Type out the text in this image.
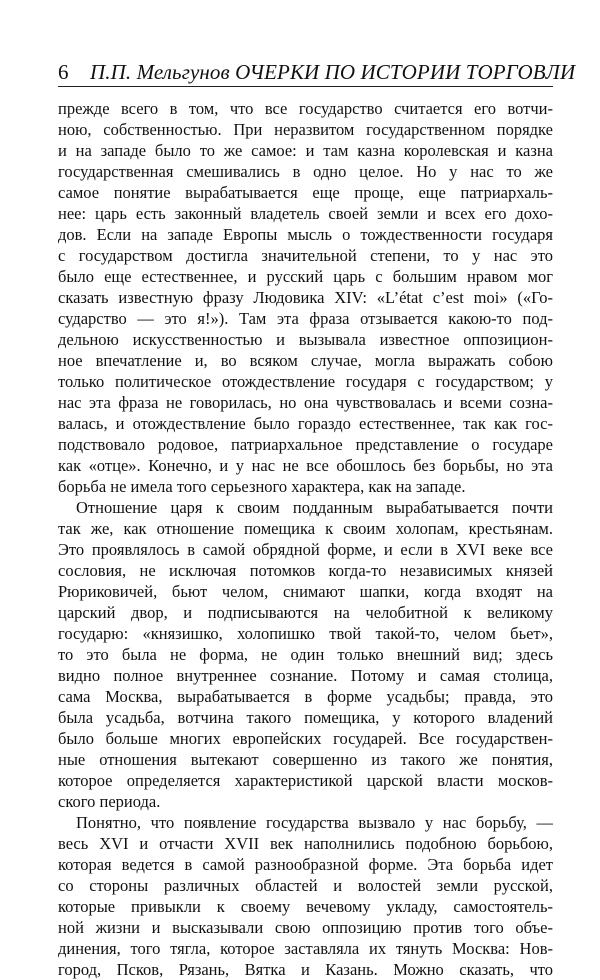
6 П.П. Мельгунов ОЧЕРКИ ПО ИСТОРИИ ТОРГОВЛИ
прежде всего в том, что все государство считается его вотчи-
ною, собственностью. При неразвитом государственном порядке
и на западе было то же самое: и там казна королевская и казна
государственная смешивались в одно целое. Но у нас то же
самое понятие вырабатывается еще проще, еще патриархаль-
нее: царь есть законный владетель своей земли и всех его дохо-
дов. Если на западе Европы мысль о тождественности государя
с государством достигла значительной степени, то у нас это
было еще естественнее, и русский царь с большим нравом мог
сказать известную фразу Людовика XIV: «L’état c’est moi» («Го-
сударство — это я!»). Там эта фраза отзывается какою-то под-
дельною искусственностью и вызывала известное оппозицион-
ное впечатление и, во всяком случае, могла выражать собою
только политическое отождествление государя с государством; у
нас эта фраза не говорилась, но она чувствовалась и всеми созна-
валась, и отождествление было гораздо естественнее, так как гос-
подствовало родовое, патриархальное представление о государе
как «отце». Конечно, и у нас не все обошлось без борьбы, но эта
борьба не имела того серьезного характера, как на западе.
Отношение царя к своим подданным вырабатывается почти
так же, как отношение помещика к своим холопам, крестьянам.
Это проявлялось в самой обрядной форме, и если в XVI веке все
сословия, не исключая потомков когда-то независимых князей
Рюриковичей, бьют челом, снимают шапки, когда входят на
царский двор, и подписываются на челобитной к великому
государю: «князишко, холопишко твой такой-то, челом бьет»,
то это была не форма, не один только внешний вид; здесь
видно полное внутреннее сознание. Потому и самая столица,
сама Москва, вырабатывается в форме усадьбы; правда, это
была усадьба, вотчина такого помещика, у которого владений
было больше многих европейских государей. Все государствен-
ные отношения вытекают совершенно из такого же понятия,
которое определяется характеристикой царской власти москов-
ского периода.
Понятно, что появление государства вызвало у нас борьбу, —
весь XVI и отчасти XVII век наполнились подобною борьбою,
которая ведется в самой разнообразной форме. Эта борьба идет
со стороны различных областей и волостей земли русской,
которые привыкли к своему вечевому укладу, самостоятель-
ной жизни и высказывали свою оппозицию против того объе-
динения, того тягла, которое заставляла их тянуть Москва: Нов-
город, Псков, Рязань, Вятка и Казань. Можно сказать, что
